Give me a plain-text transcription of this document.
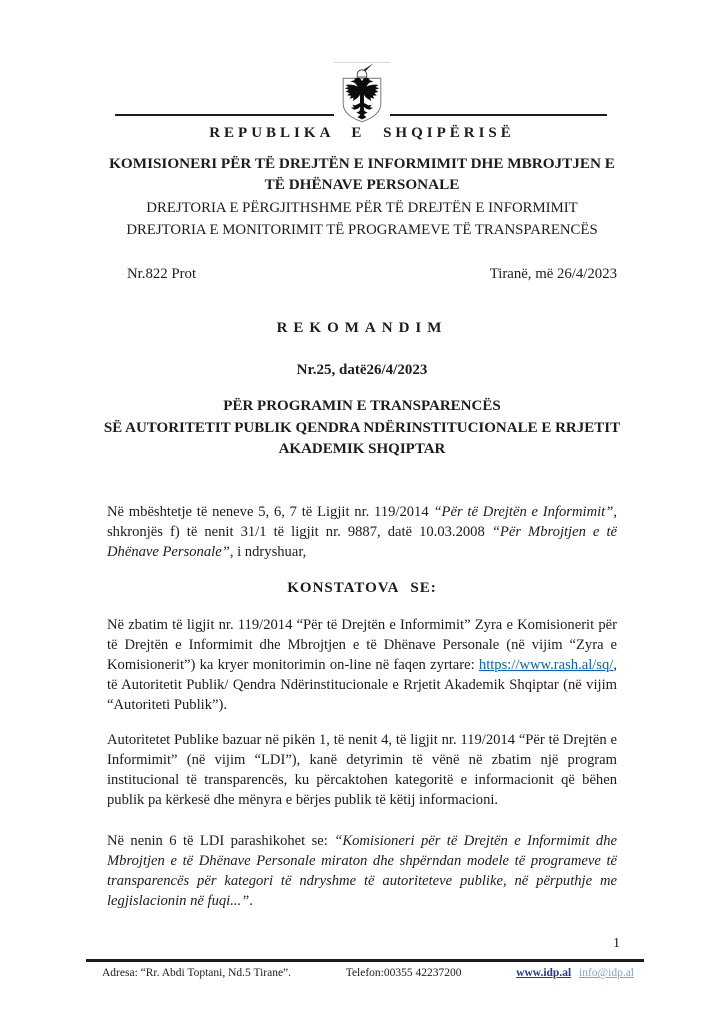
REPUBLIKA E SHQIPËRISË
KOMISIONERI PËR TË DREJTËN E INFORMIMIT DHE MBROJTJEN E TË DHËNAVE PERSONALE
DREJTORIA E PËRGJITHSHME PËR TË DREJTËN E INFORMIMIT
DREJTORIA E MONITORIMIT TË PROGRAMEVE TË TRANSPARENCËS
Nr.822 Prot	Tiranë, më 26/4/2023
REKOMANDIM
Nr.25, datë26/4/2023
PËR PROGRAMIN E TRANSPARENCËS
SË AUTORITETIT PUBLIK QENDRA NDËRINSTITUCIONALE E RRJETIT
AKADEMIK SHQIPTAR

Në mbështetje të neneve 5, 6, 7 të Ligjit nr. 119/2014 “Për të Drejtën e Informimit”, shkronjës f) të nenit 31/1 të ligjit nr. 9887, datë 10.03.2008 “Për Mbrojtjen e të Dhënave Personale”, i ndryshuar,

KONSTATOVA SE:

Në zbatim të ligjit nr. 119/2014 “Për të Drejtën e Informimit” Zyra e Komisionerit për të Drejtën e Informimit dhe Mbrojtjen e të Dhënave Personale (në vijim “Zyra e Komisionerit”) ka kryer monitorimin on-line në faqen zyrtare: https://www.rash.al/sq/, të Autoritetit Publik/ Qendra Ndërinstitucionale e Rrjetit Akademik Shqiptar (në vijim “Autoriteti Publik”).

Autoritetet Publike bazuar në pikën 1, të nenit 4, të ligjit nr. 119/2014 “Për të Drejtën e Informimit” (në vijim “LDI”), kanë detyrimin të vënë në zbatim një program institucional të transparencës, ku përcaktohen kategoritë e informacionit që bëhen publik pa kërkesë dhe mënyra e bërjes publik të këtij informacioni.

Në nenin 6 të LDI parashikohet se: “Komisioneri për të Drejtën e Informimit dhe Mbrojtjen e të Dhënave Personale miraton dhe shpërndan modele të programeve të transparencës për kategori të ndryshme të autoriteteve publike, në përputhje me legjislacionin në fuqi...”.

1
Adresa: “Rr. Abdi Toptani, Nd.5 Tirane”.	Telefon:00355 42237200	www.idp.al info@idp.al
